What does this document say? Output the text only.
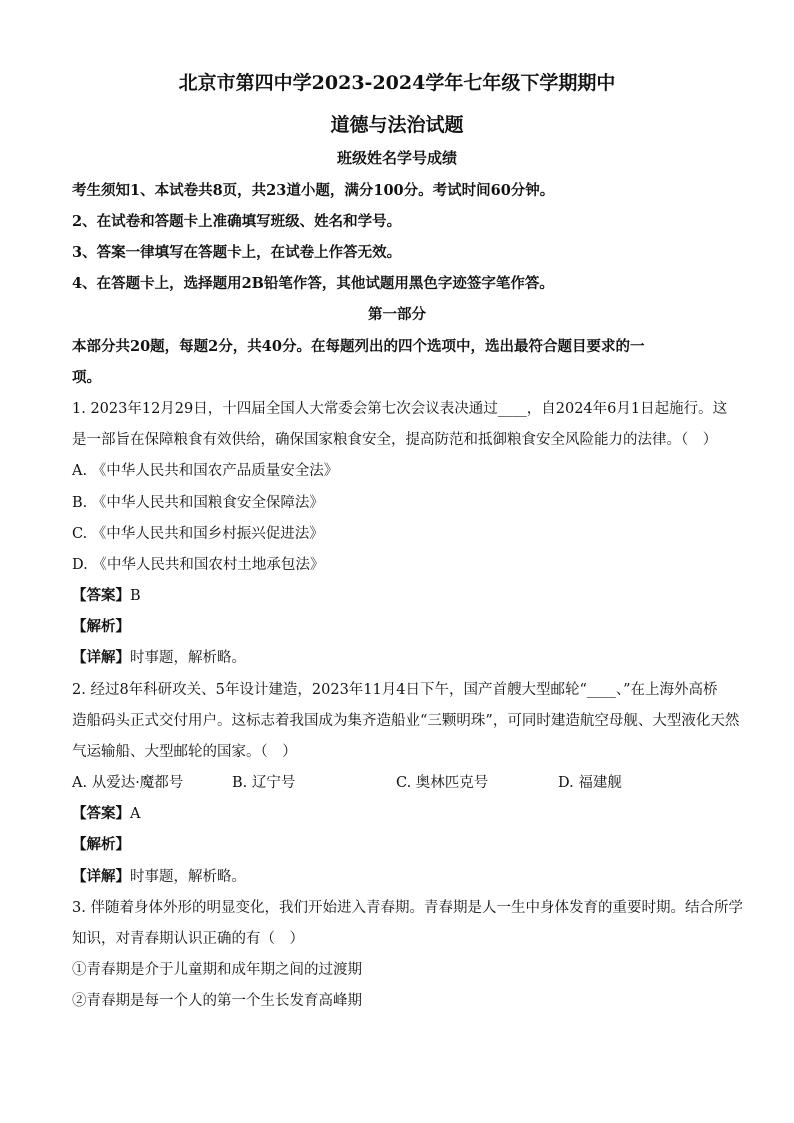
北京市第四中学2023-2024学年七年级下学期期中
道德与法治试题
班级姓名学号成绩
考生须知1、本试卷共8页，共23道小题，满分100分。考试时间60分钟。
2、在试卷和答题卡上准确填写班级、姓名和学号。
3、答案一律填写在答题卡上，在试卷上作答无效。
4、在答题卡上，选择题用2B铅笔作答，其他试题用黑色字迹签字笔作答。
第一部分
本部分共20题，每题2分，共40分。在每题列出的四个选项中，选出最符合题目要求的一
项。
1. 2023年12月29日，十四届全国人大常委会第七次会议表决通过____，自2024年6月1日起施行。这
是一部旨在保障粮食有效供给，确保国家粮食安全，提高防范和抵御粮食安全风险能力的法律。（　）
A. 《中华人民共和国农产品质量安全法》
B. 《中华人民共和国粮食安全保障法》
C. 《中华人民共和国乡村振兴促进法》
D. 《中华人民共和国农村土地承包法》
【答案】B
【解析】
【详解】时事题，解析略。
2. 经过8年科研攻关、5年设计建造，2023年11月4日下午，国产首艘大型邮轮“____、”在上海外高桥
造船码头正式交付用户。这标志着我国成为集齐造船业“三颗明珠”，可同时建造航空母舰、大型液化天然
气运输船、大型邮轮的国家。（　）
A. 从爱达·魔都号	B. 辽宁号	C. 奥林匹克号	D. 福建舰
【答案】A
【解析】
【详解】时事题，解析略。
3. 伴随着身体外形的明显变化，我们开始进入青春期。青春期是人一生中身体发育的重要时期。结合所学
知识，对青春期认识正确的有（　）
①青春期是介于儿童期和成年期之间的过渡期
②青春期是每一个人的第一个生长发育高峰期
